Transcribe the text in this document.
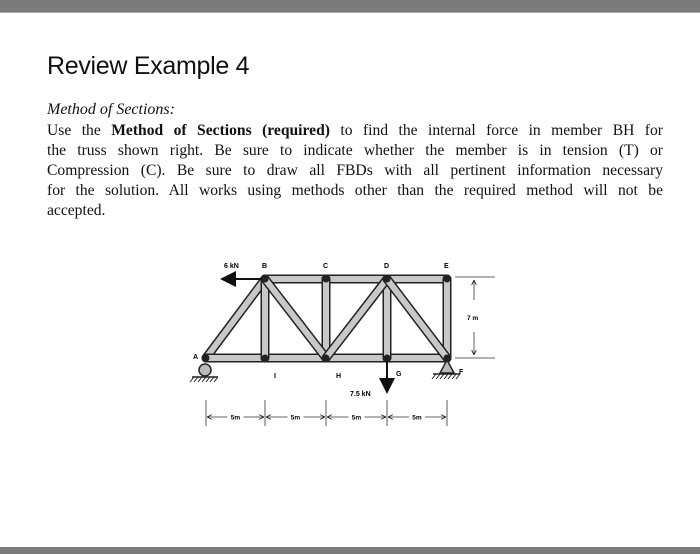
Review Example 4
Method of Sections:
Use the Method of Sections (required) to find the internal force in member BH for
the truss shown right. Be sure to indicate whether the member is in tension (T) or
Compression (C). Be sure to draw all FBDs with all pertinent information necessary
for the solution. All works using methods other than the required method will not be
accepted.
6 kN
7.5 kN
B	C	D	E
A
I	H	G	F
7 m
5m	5m	5m	5m
